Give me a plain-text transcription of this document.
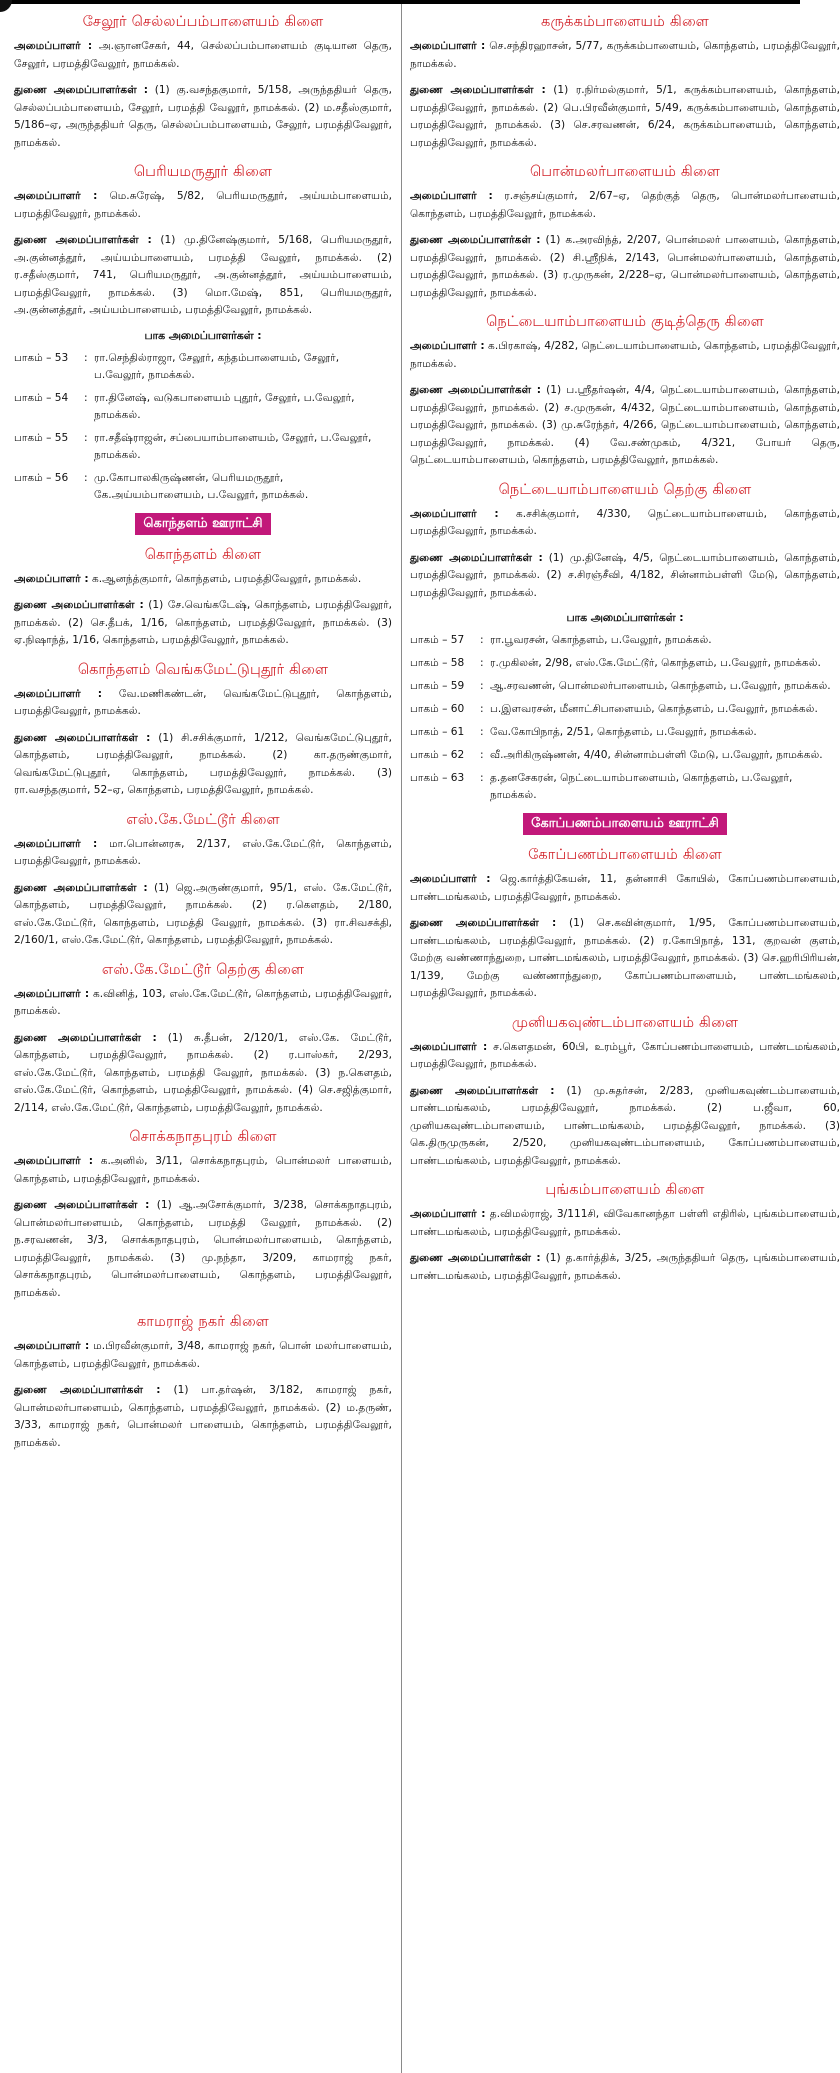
சேலூர் செல்லப்பம்பாளையம் கிளை

அமைப்பாளர் : அ.ஞானசேகர், 44, செல்லப்பம்பாளையம் குடியான தெரு, சேலூர், பரமத்திவேலூர், நாமக்கல்.

துணை அமைப்பாளர்கள் : (1) கு.வசந்தகுமார், 5/158, அருந்ததியர் தெரு, செல்லப்பம்பாளையம், சேலூர், பரமத்தி வேலூர், நாமக்கல். (2) ம.சதீஸ்குமார், 5/186–ஏ, அருந்ததியர் தெரு, செல்லப்பம்பாளையம், சேலூர், பரமத்திவேலூர், நாமக்கல்.

பெரியமருதூர் கிளை

அமைப்பாளர் : மெ.சுரேஷ், 5/82, பெரியமருதூர், அய்யம்பாளையம், பரமத்திவேலூர், நாமக்கல்.

துணை அமைப்பாளர்கள் : (1) மு.தினேஷ்குமார், 5/168, பெரியமருதூர், அ.குன்னத்தூர், அய்யம்பாளையம், பரமத்தி வேலூர், நாமக்கல். (2) ர.சதீஸ்குமார், 741, பெரியமருதூர், அ.குன்னத்தூர், அய்யம்பாளையம், பரமத்திவேலூர், நாமக்கல். (3) மொ.மேஷ், 851, பெரியமருதூர், அ.குன்னத்தூர், அய்யம்பாளையம், பரமத்திவேலூர், நாமக்கல்.

பாக அமைப்பாளர்கள் :
பாகம் – 53	: ரா.செந்தில்ராஜா, சேலூர், கந்தம்பாளையம், சேலூர், ப.வேலூர், நாமக்கல்.
பாகம் – 54	: ரா.தினேஷ், வடுகபாளையம் புதூர், சேலூர், ப.வேலூர், நாமக்கல்.
பாகம் – 55	: ரா.சதீஷ்ராஜன், சப்பையாம்பாளையம், சேலூர், ப.வேலூர், நாமக்கல்.
பாகம் – 56	: மு.கோபாலகிருஷ்ணன், பெரியமருதூர், கே.அய்யம்பாளையம், ப.வேலூர், நாமக்கல்.
கொந்தளம் ஊராட்சி
கொந்தளம் கிளை

அமைப்பாளர் : க.ஆனந்த்குமார், கொந்தளம், பரமத்திவேலூர், நாமக்கல்.

துணை அமைப்பாளர்கள் : (1) சே.வெங்கடேஷ், கொந்தளம், பரமத்திவேலூர், நாமக்கல். (2) செ.தீபக், 1/16, கொந்தளம், பரமத்திவேலூர், நாமக்கல். (3) ஏ.நிஷாந்த், 1/16, கொந்தளம், பரமத்திவேலூர், நாமக்கல்.

கொந்தளம் வெங்கமேட்டுபுதூர் கிளை

அமைப்பாளர் : வே.மணிகண்டன், வெங்கமேட்டுபுதூர், கொந்தளம், பரமத்திவேலூர், நாமக்கல்.

துணை அமைப்பாளர்கள் : (1) சி.சசிக்குமார், 1/212, வெங்கமேட்டுபுதூர், கொந்தளம், பரமத்திவேலூர், நாமக்கல். (2) கா.தருண்குமார், வெங்கமேட்டுபுதூர், கொந்தளம், பரமத்திவேலூர், நாமக்கல். (3) ரா.வசந்தகுமார், 52–ஏ, கொந்தளம், பரமத்திவேலூர், நாமக்கல்.

எஸ்.கே.மேட்டூர் கிளை

அமைப்பாளர் : மா.பொன்னரசு, 2/137, எஸ்.கே.மேட்டூர், கொந்தளம், பரமத்திவேலூர், நாமக்கல்.

துணை அமைப்பாளர்கள் : (1) ஜெ.அருண்குமார், 95/1, எஸ். கே.மேட்டூர், கொந்தளம், பரமத்திவேலூர், நாமக்கல். (2) ர.கௌதம், 2/180, எஸ்.கே.மேட்டூர், கொந்தளம், பரமத்தி வேலூர், நாமக்கல். (3) ரா.சிவசக்தி, 2/160/1, எஸ்.கே.மேட்டூர், கொந்தளம், பரமத்திவேலூர், நாமக்கல்.

எஸ்.கே.மேட்டூர் தெற்கு கிளை

அமைப்பாளர் : க.வினித், 103, எஸ்.கே.மேட்டூர், கொந்தளம், பரமத்திவேலூர், நாமக்கல்.

துணை அமைப்பாளர்கள் : (1) சு.தீபன், 2/120/1, எஸ்.கே. மேட்டூர், கொந்தளம், பரமத்திவேலூர், நாமக்கல். (2) ர.பாஸ்கர், 2/293, எஸ்.கே.மேட்டூர், கொந்தளம், பரமத்தி வேலூர், நாமக்கல். (3) ந.கௌதம், எஸ்.கே.மேட்டூர், கொந்தளம், பரமத்திவேலூர், நாமக்கல். (4) செ.சஜித்குமார், 2/114, எஸ்.கே.மேட்டூர், கொந்தளம், பரமத்திவேலூர், நாமக்கல்.

சொக்கநாதபுரம் கிளை

அமைப்பாளர் : க.அனில், 3/11, சொக்கநாதபுரம், பொன்மலர் பாளையம், கொந்தளம், பரமத்திவேலூர், நாமக்கல்.

துணை அமைப்பாளர்கள் : (1) ஆ.அசோக்குமார், 3/238, சொக்கநாதபுரம், பொன்மலர்பாளையம், கொந்தளம், பரமத்தி வேலூர், நாமக்கல். (2) ந.சரவணன், 3/3, சொக்கநாதபுரம், பொன்மலர்பாளையம், கொந்தளம், பரமத்திவேலூர், நாமக்கல். (3) மு.நந்தா, 3/209, காமராஜ் நகர், சொக்கநாதபுரம், பொன்மலர்பாளையம், கொந்தளம், பரமத்திவேலூர், நாமக்கல்.

காமராஜ் நகர் கிளை

அமைப்பாளர் : ம.பிரவீன்குமார், 3/48, காமராஜ் நகர், பொன் மலர்பாளையம், கொந்தளம், பரமத்திவேலூர், நாமக்கல்.

துணை அமைப்பாளர்கள் : (1) பா.தர்ஷன், 3/182, காமராஜ் நகர், பொன்மலர்பாளையம், கொந்தளம், பரமத்திவேலூர், நாமக்கல். (2) ம.தருண், 3/33, காமராஜ் நகர், பொன்மலர் பாளையம், கொந்தளம், பரமத்திவேலூர், நாமக்கல்.

கருக்கம்பாளையம் கிளை

அமைப்பாளர் : செ.சந்திரஹாசன், 5/77, கருக்கம்பாளையம், கொந்தளம், பரமத்திவேலூர், நாமக்கல்.

துணை அமைப்பாளர்கள் : (1) ர.நிர்மல்குமார், 5/1, கருக்கம்பாளையம், கொந்தளம், பரமத்திவேலூர், நாமக்கல். (2) பெ.பிரவீன்குமார், 5/49, கருக்கம்பாளையம், கொந்தளம், பரமத்திவேலூர், நாமக்கல். (3) செ.சரவணன், 6/24, கருக்கம்பாளையம், கொந்தளம், பரமத்திவேலூர், நாமக்கல்.

பொன்மலர்பாளையம் கிளை

அமைப்பாளர் : ர.சஞ்சய்குமார், 2/67–ஏ, தெற்குத் தெரு, பொன்மலர்பாளையம், கொந்தளம், பரமத்திவேலூர், நாமக்கல்.

துணை அமைப்பாளர்கள் : (1) க.அரவிந்த், 2/207, பொன்மலர் பாளையம், கொந்தளம், பரமத்திவேலூர், நாமக்கல். (2) சி.ஸ்ரீநிக், 2/143, பொன்மலர்பாளையம், கொந்தளம், பரமத்திவேலூர், நாமக்கல். (3) ர.முருகன், 2/228–ஏ, பொன்மலர்பாளையம், கொந்தளம், பரமத்திவேலூர், நாமக்கல்.

நெட்டையாம்பாளையம் குடித்தெரு கிளை

அமைப்பாளர் : க.பிரகாஷ், 4/282, நெட்டையாம்பாளையம், கொந்தளம், பரமத்திவேலூர், நாமக்கல்.

துணை அமைப்பாளர்கள் : (1) ப.ஸ்ரீதர்ஷன், 4/4, நெட்டையாம்பாளையம், கொந்தளம், பரமத்திவேலூர், நாமக்கல். (2) ச.முருகன், 4/432, நெட்டையாம்பாளையம், கொந்தளம், பரமத்திவேலூர், நாமக்கல். (3) மு.சுரேந்தர், 4/266, நெட்டையாம்பாளையம், கொந்தளம், பரமத்திவேலூர், நாமக்கல். (4) வே.சண்முகம், 4/321, போயர் தெரு, நெட்டையாம்பாளையம், கொந்தளம், பரமத்திவேலூர், நாமக்கல்.

நெட்டையாம்பாளையம் தெற்கு கிளை

அமைப்பாளர் : க.சசிக்குமார், 4/330, நெட்டையாம்பாளையம், கொந்தளம், பரமத்திவேலூர், நாமக்கல்.

துணை அமைப்பாளர்கள் : (1) மு.தினேஷ், 4/5, நெட்டையாம்பாளையம், கொந்தளம், பரமத்திவேலூர், நாமக்கல். (2) ச.சிரஞ்சீவி, 4/182, சின்னாம்பள்ளி மேடு, கொந்தளம், பரமத்திவேலூர், நாமக்கல்.

பாக அமைப்பாளர்கள் :
பாகம் – 57	: ரா.பூவரசன், கொந்தளம், ப.வேலூர், நாமக்கல்.
பாகம் – 58	: ர.முகிலன், 2/98, எஸ்.கே.மேட்டூர், கொந்தளம், ப.வேலூர், நாமக்கல்.
பாகம் – 59	: ஆ.சரவணன், பொன்மலர்பாளையம், கொந்தளம், ப.வேலூர், நாமக்கல்.
பாகம் – 60	: ப.இளவரசன், மீனாட்சிபாளையம், கொந்தளம், ப.வேலூர், நாமக்கல்.
பாகம் – 61	: வே.கோபிநாத், 2/51, கொந்தளம், ப.வேலூர், நாமக்கல்.
பாகம் – 62	: வீ.அரிகிருஷ்ணன், 4/40, சின்னாம்பள்ளி மேடு, ப.வேலூர், நாமக்கல்.
பாகம் – 63	: த.தனசேகரன், நெட்டையாம்பாளையம், கொந்தளம், ப.வேலூர், நாமக்கல்.
கோப்பணம்பாளையம் ஊராட்சி
கோப்பணம்பாளையம் கிளை

அமைப்பாளர் : ஜெ.கார்த்திகேயன், 11, தன்னாசி கோயில், கோப்பணம்பாளையம், பாண்டமங்கலம், பரமத்திவேலூர், நாமக்கல்.

துணை அமைப்பாளர்கள் : (1) செ.கவின்குமார், 1/95, கோப்பணம்பாளையம், பாண்டமங்கலம், பரமத்திவேலூர், நாமக்கல். (2) ர.கோபிநாத், 131, குறவன் குளம், மேற்கு வண்ணாந்துறை, பாண்டமங்கலம், பரமத்திவேலூர், நாமக்கல். (3) செ.ஹரிபிரியன், 1/139, மேற்கு வண்ணாந்துறை, கோப்பணம்பாளையம், பாண்டமங்கலம், பரமத்திவேலூர், நாமக்கல்.

முனியகவுண்டம்பாளையம் கிளை

அமைப்பாளர் : ச.கௌதமன், 60பி, உரம்பூர், கோப்பணம்பாளையம், பாண்டமங்கலம், பரமத்திவேலூர், நாமக்கல்.

துணை அமைப்பாளர்கள் : (1) மு.சுதர்சன், 2/283, முனியகவுண்டம்பாளையம், பாண்டமங்கலம், பரமத்திவேலூர், நாமக்கல். (2) ப.ஜீவா, 60, முனியகவுண்டம்பாளையம், பாண்டமங்கலம், பரமத்திவேலூர், நாமக்கல். (3) கெ.திருமுருகன், 2/520, முனியகவுண்டம்பாளையம், கோப்பணம்பாளையம், பாண்டமங்கலம், பரமத்திவேலூர், நாமக்கல்.

புங்கம்பாளையம் கிளை

அமைப்பாளர் : த.விமல்ராஜ், 3/111சி, விவேகானந்தா பள்ளி எதிரில், புங்கம்பாளையம், பாண்டமங்கலம், பரமத்திவேலூர், நாமக்கல்.

துணை அமைப்பாளர்கள் : (1) த.கார்த்திக், 3/25, அருந்ததியர் தெரு, புங்கம்பாளையம், பாண்டமங்கலம், பரமத்திவேலூர், நாமக்கல்.
